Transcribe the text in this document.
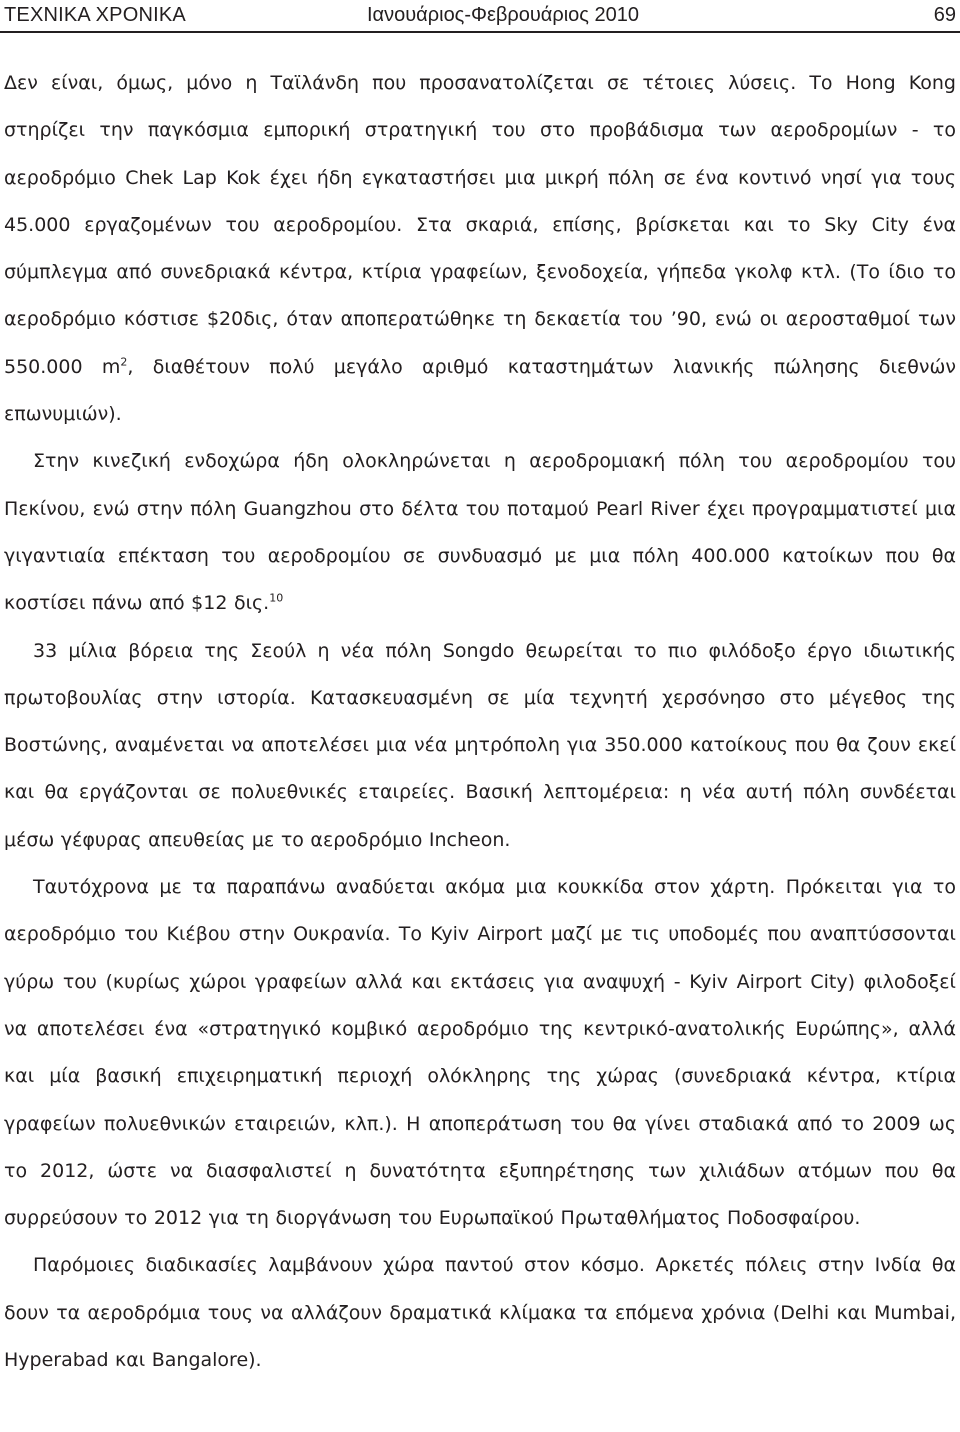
ΤΕΧΝΙΚΑ ΧΡΟΝΙΚΑ	Ιανουάριος-Φεβρουάριος 2010	69

Δεν είναι, όμως, μόνο η Ταϊλάνδη που προσανατολίζεται σε τέτοιες λύσεις. Το Hong Kong στηρίζει την παγκόσμια εμπορική στρατηγική του στο προβάδισμα των αεροδρομίων - το αεροδρόμιο Chek Lap Kok έχει ήδη εγκαταστήσει μια μικρή πόλη σε ένα κοντινό νησί για τους 45.000 εργαζομένων του αεροδρομίου. Στα σκαριά, επίσης, βρίσκεται και το Sky City ένα σύμπλεγμα από συνεδριακά κέντρα, κτίρια γραφείων, ξενοδοχεία, γήπεδα γκολφ κτλ. (Το ίδιο το αεροδρόμιο κόστισε $20δις, όταν αποπερατώθηκε τη δεκαετία του ’90, ενώ οι αεροσταθμοί των 550.000 $m^2$, διαθέτουν πολύ μεγάλο αριθμό καταστημάτων λιανικής πώλησης διεθνών επωνυμιών).

Στην κινεζική ενδοχώρα ήδη ολοκληρώνεται η αεροδρομιακή πόλη του αεροδρομίου του Πεκίνου, ενώ στην πόλη Guangzhou στο δέλτα του ποταμού Pearl River έχει προγραμματιστεί μια γιγαντιαία επέκταση του αεροδρομίου σε συνδυασμό με μια πόλη 400.000 κατοίκων που θα κοστίσει πάνω από $12 δις.$^{10}$

33 μίλια βόρεια της Σεούλ η νέα πόλη Songdo θεωρείται το πιο φιλόδοξο έργο ιδιωτικής πρωτοβουλίας στην ιστορία. Κατασκευασμένη σε μία τεχνητή χερσόνησο στο μέγεθος της Βοστώνης, αναμένεται να αποτελέσει μια νέα μητρόπολη για 350.000 κατοίκους που θα ζουν εκεί και θα εργάζονται σε πολυεθνικές εταιρείες. Βασική λεπτομέρεια: η νέα αυτή πόλη συνδέεται μέσω γέφυρας απευθείας με το αεροδρόμιο Incheon.

Ταυτόχρονα με τα παραπάνω αναδύεται ακόμα μια κουκκίδα στον χάρτη. Πρόκειται για το αεροδρόμιο του Κιέβου στην Ουκρανία. Το Kyiv Airport μαζί με τις υποδομές που αναπτύσσονται γύρω του (κυρίως χώροι γραφείων αλλά και εκτάσεις για αναψυχή - Kyiv Airport City) φιλοδοξεί να αποτελέσει ένα «στρατηγικό κομβικό αεροδρόμιο της κεντρικό-ανατολικής Ευρώπης», αλλά και μία βασική επιχειρηματική περιοχή ολόκληρης της χώρας (συνεδριακά κέντρα, κτίρια γραφείων πολυεθνικών εταιρειών, κλπ.). Η αποπεράτωση του θα γίνει σταδιακά από το 2009 ως το 2012, ώστε να διασφαλιστεί η δυνατότητα εξυπηρέτησης των χιλιάδων ατόμων που θα συρρεύσουν το 2012 για τη διοργάνωση του Ευρωπαϊκού Πρωταθλήματος Ποδοσφαίρου.

Παρόμοιες διαδικασίες λαμβάνουν χώρα παντού στον κόσμο. Αρκετές πόλεις στην Ινδία θα δουν τα αεροδρόμια τους να αλλάζουν δραματικά κλίμακα τα επόμενα χρόνια (Delhi και Mumbai, Hyperabad και Bangalore).
